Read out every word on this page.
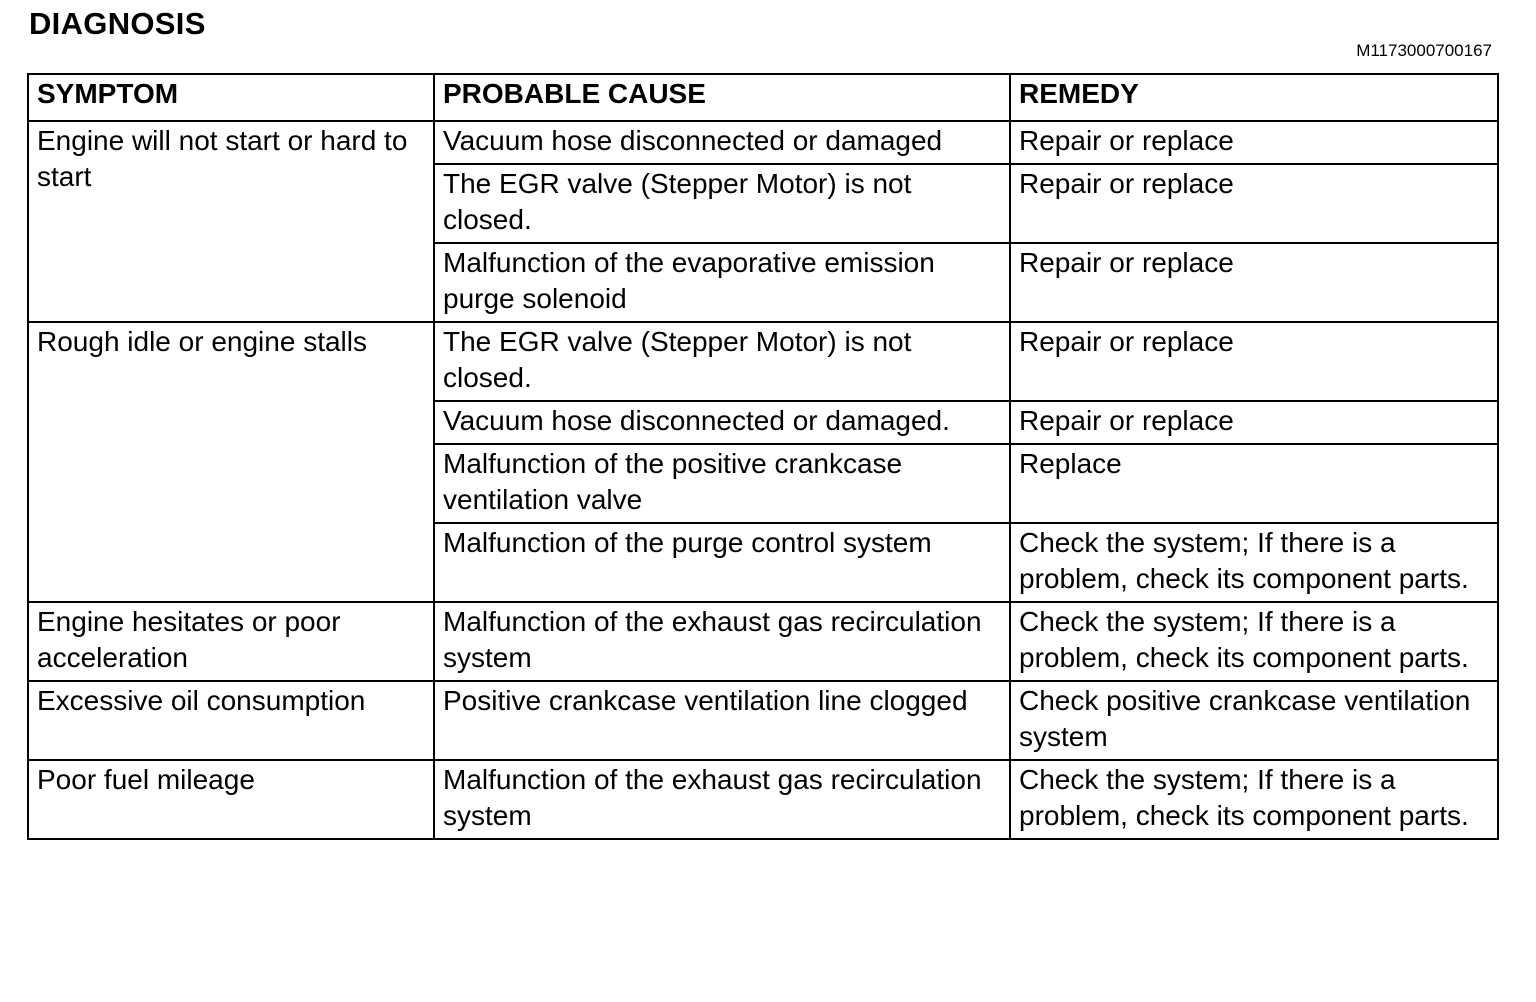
DIAGNOSIS
M1173000700167
SYMPTOM	PROBABLE CAUSE	REMEDY
Engine will not start or hard to start	Vacuum hose disconnected or damaged	Repair or replace
	The EGR valve (Stepper Motor) is not closed.	Repair or replace
	Malfunction of the evaporative emission purge solenoid	Repair or replace
Rough idle or engine stalls	The EGR valve (Stepper Motor) is not closed.	Repair or replace
	Vacuum hose disconnected or damaged.	Repair or replace
	Malfunction of the positive crankcase ventilation valve	Replace
	Malfunction of the purge control system	Check the system; If there is a problem, check its component parts.
Engine hesitates or poor acceleration	Malfunction of the exhaust gas recirculation system	Check the system; If there is a problem, check its component parts.
Excessive oil consumption	Positive crankcase ventilation line clogged	Check positive crankcase ventilation system
Poor fuel mileage	Malfunction of the exhaust gas recirculation system	Check the system; If there is a problem, check its component parts.
